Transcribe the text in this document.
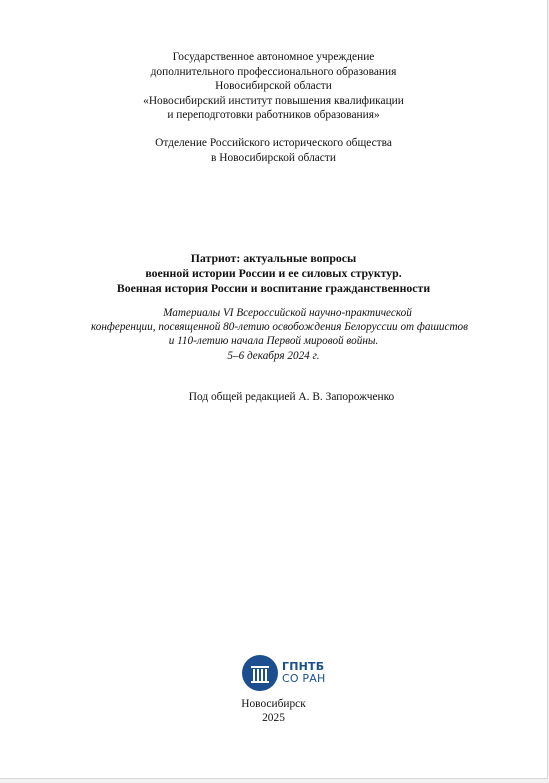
Государственное автономное учреждение
дополнительного профессионального образования
Новосибирской области
«Новосибирский институт повышения квалификации
и переподготовки работников образования»
Отделение Российского исторического общества
в Новосибирской области
Патриот: актуальные вопросы
военной истории России и ее силовых структур.
Военная история России и воспитание гражданственности
Материалы VI Всероссийской научно-практической
конференции, посвященной 80-летию освобождения Белоруссии от фашистов
и 110-летию начала Первой мировой войны.
5–6 декабря 2024 г.
Под общей редакцией А. В. Запорожченко
ГПНТБ
СО РАН
Новосибирск
2025
